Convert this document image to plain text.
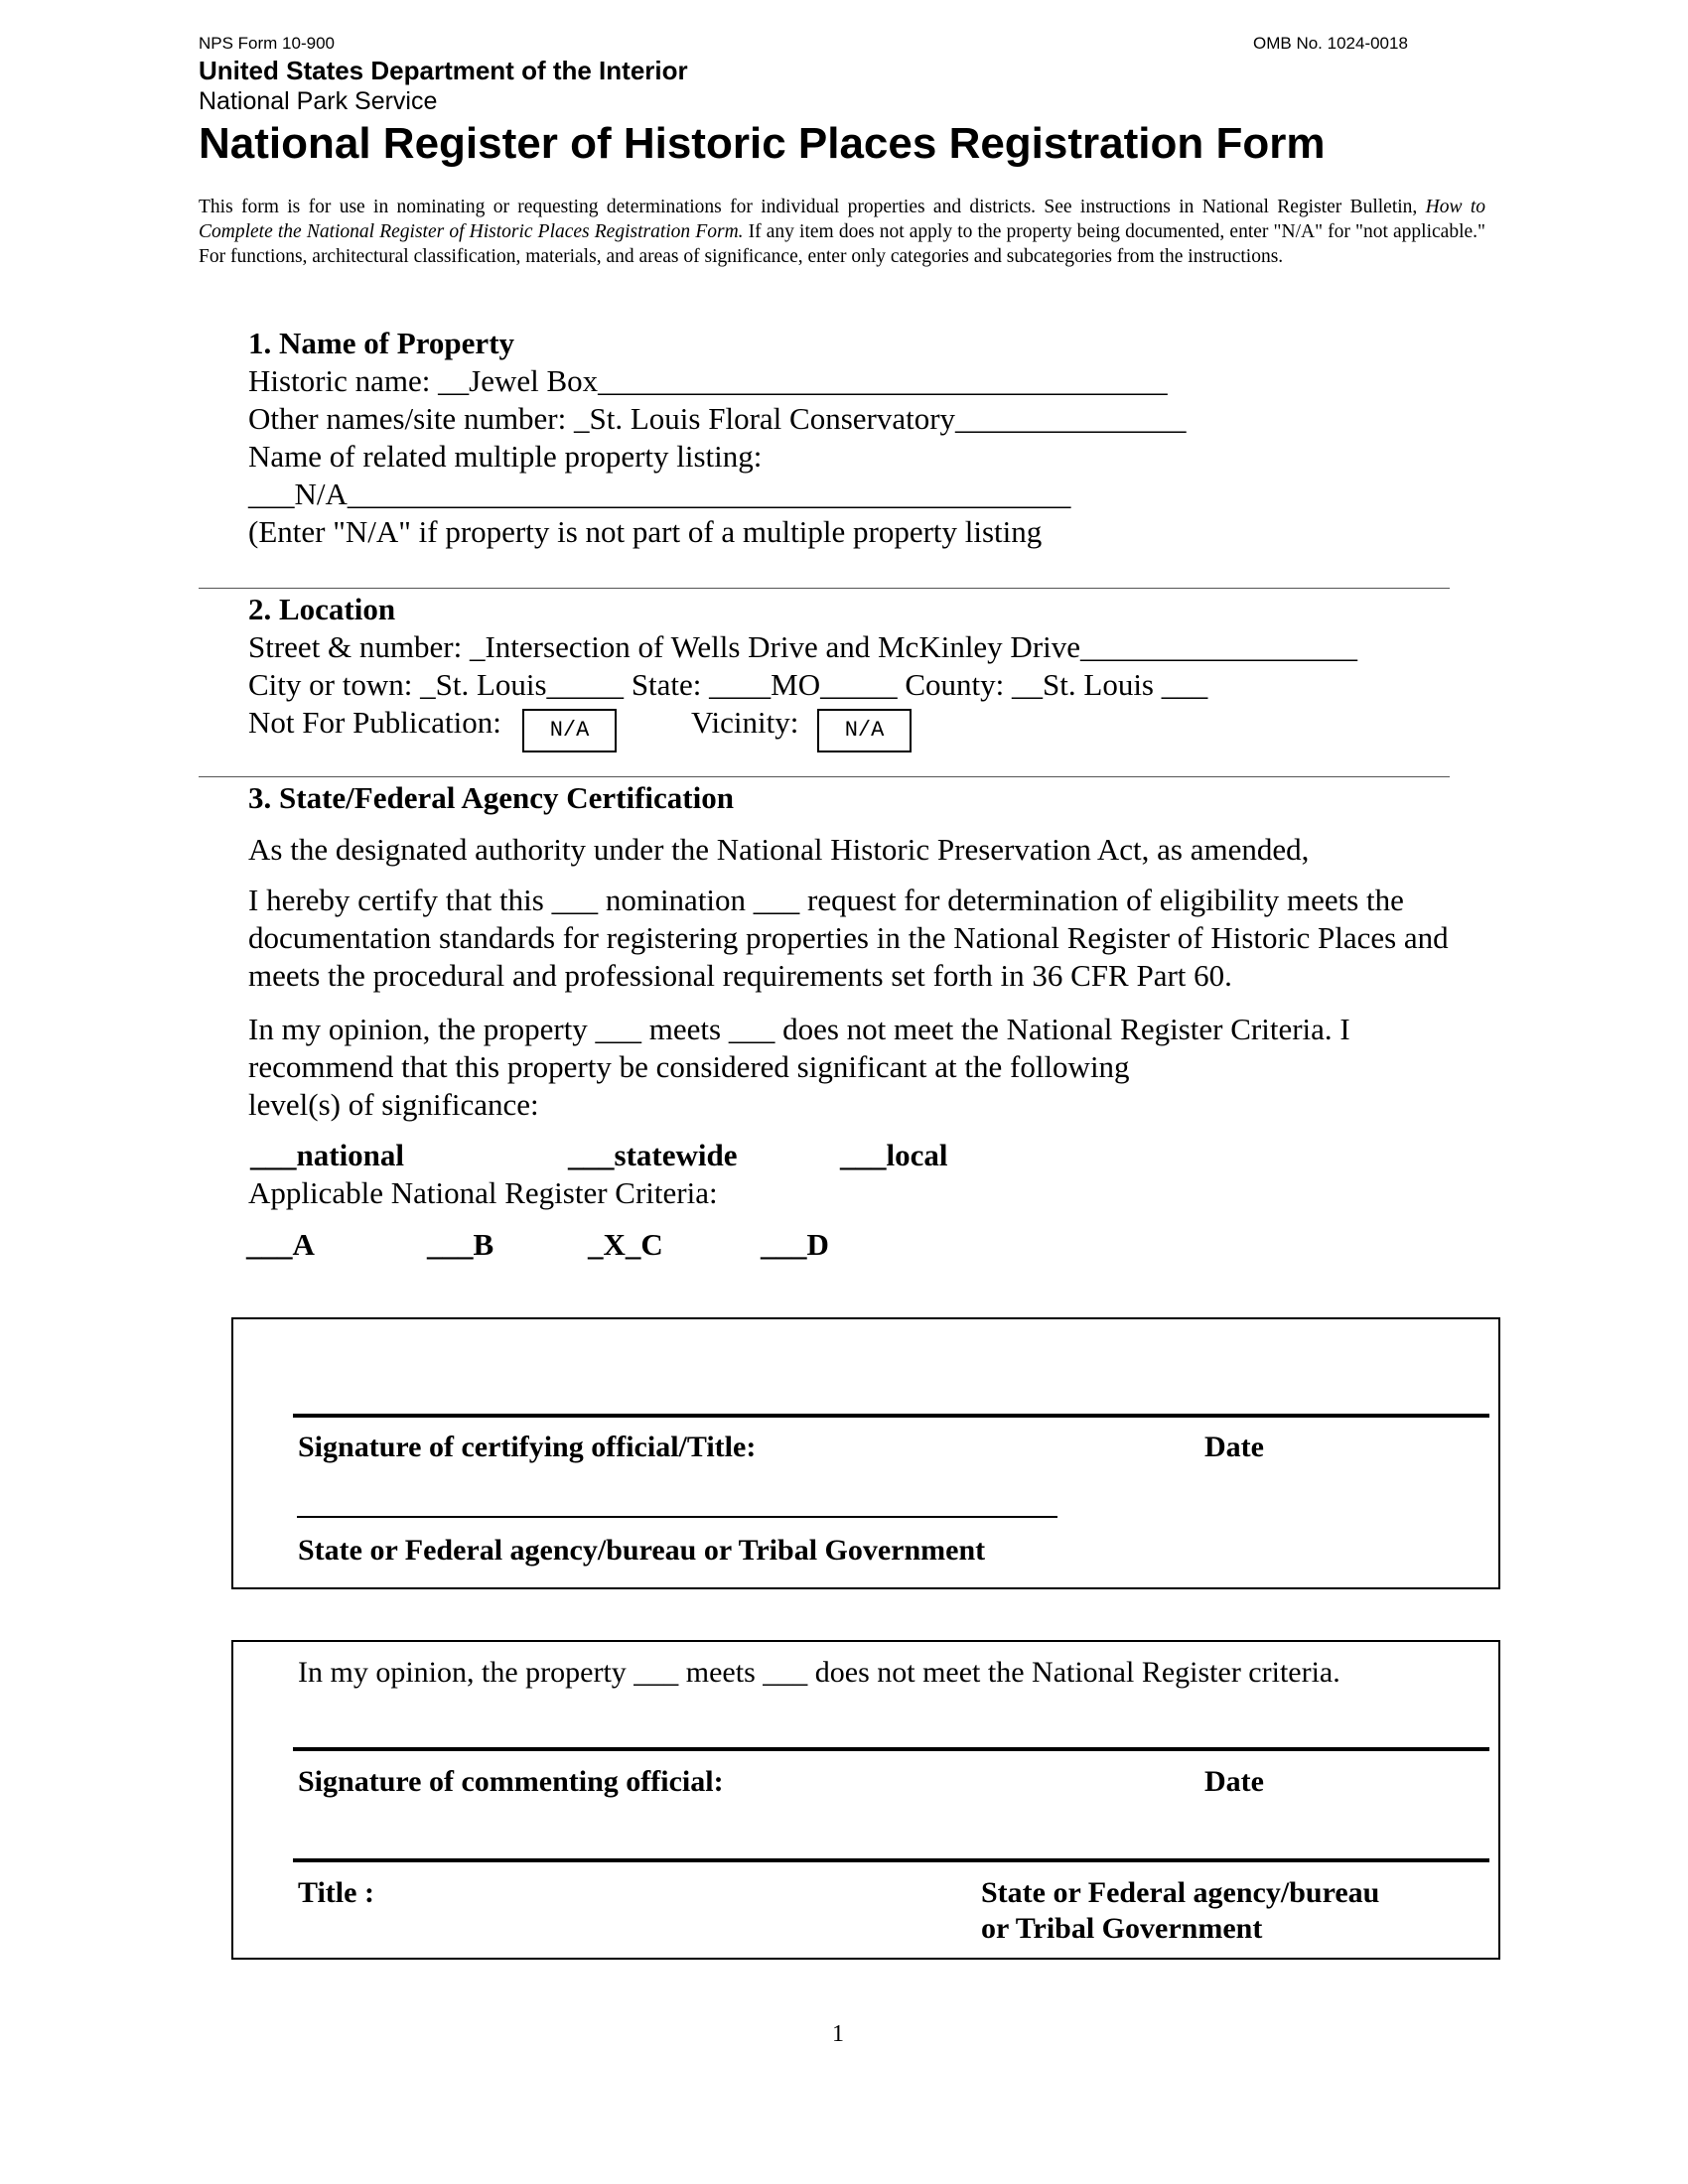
NPS Form 10-900	OMB No. 1024-0018
United States Department of the Interior
National Park Service
National Register of Historic Places Registration Form
This form is for use in nominating or requesting determinations for individual properties and districts. See instructions in National Register Bulletin, How to Complete the National Register of Historic Places Registration Form. If any item does not apply to the property being documented, enter "N/A" for "not applicable." For functions, architectural classification, materials, and areas of significance, enter only categories and subcategories from the instructions.
1. Name of Property
Historic name: __Jewel Box_____________________________________
Other names/site number: _St. Louis Floral Conservatory_______________
Name of related multiple property listing:
___N/A_______________________________________________
(Enter "N/A" if property is not part of a multiple property listing
2. Location
Street & number: _Intersection of Wells Drive and McKinley Drive__________________
City or town: _St. Louis_____ State: ____MO_____ County: __St. Louis ___
Not For Publication:	N/A	Vicinity:	N/A
3. State/Federal Agency Certification
As the designated authority under the National Historic Preservation Act, as amended,
I hereby certify that this ___ nomination ___ request for determination of eligibility meets the documentation standards for registering properties in the National Register of Historic Places and meets the procedural and professional requirements set forth in 36 CFR Part 60.
In my opinion, the property ___ meets ___ does not meet the National Register Criteria. I
recommend that this property be considered significant at the following
level(s) of significance:
___national	___statewide	___local
Applicable National Register Criteria:
___A	___B	_X_C	___D
Signature of certifying official/Title:	Date
State or Federal agency/bureau or Tribal Government
In my opinion, the property ___ meets ___ does not meet the National Register criteria.
Signature of commenting official:	Date
Title :	State or Federal agency/bureau
or Tribal Government
1
